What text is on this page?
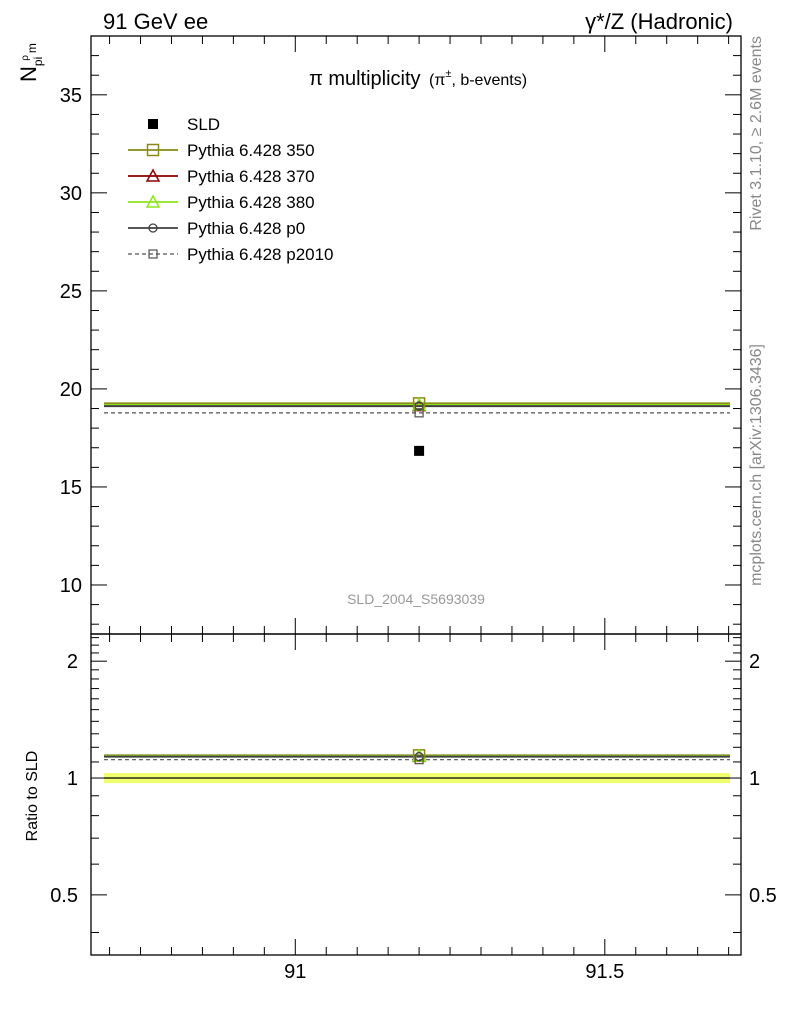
91 GeV ee	γ*/Z (Hadronic)
Rivet 3.1.10, ≥ 2.6M events
mcplots.cern.ch [arXiv:1306.3436]
π multiplicity (π±, b-events)
$N_{pi}\rho_m$
SLD_2004_S5693039
10
15
20
25
30
35
Ratio to SLD
0.5	0.5
1	1
2	2
91	91.5
SLD
Pythia 6.428 350
Pythia 6.428 370
Pythia 6.428 380
Pythia 6.428 p0
Pythia 6.428 p2010
